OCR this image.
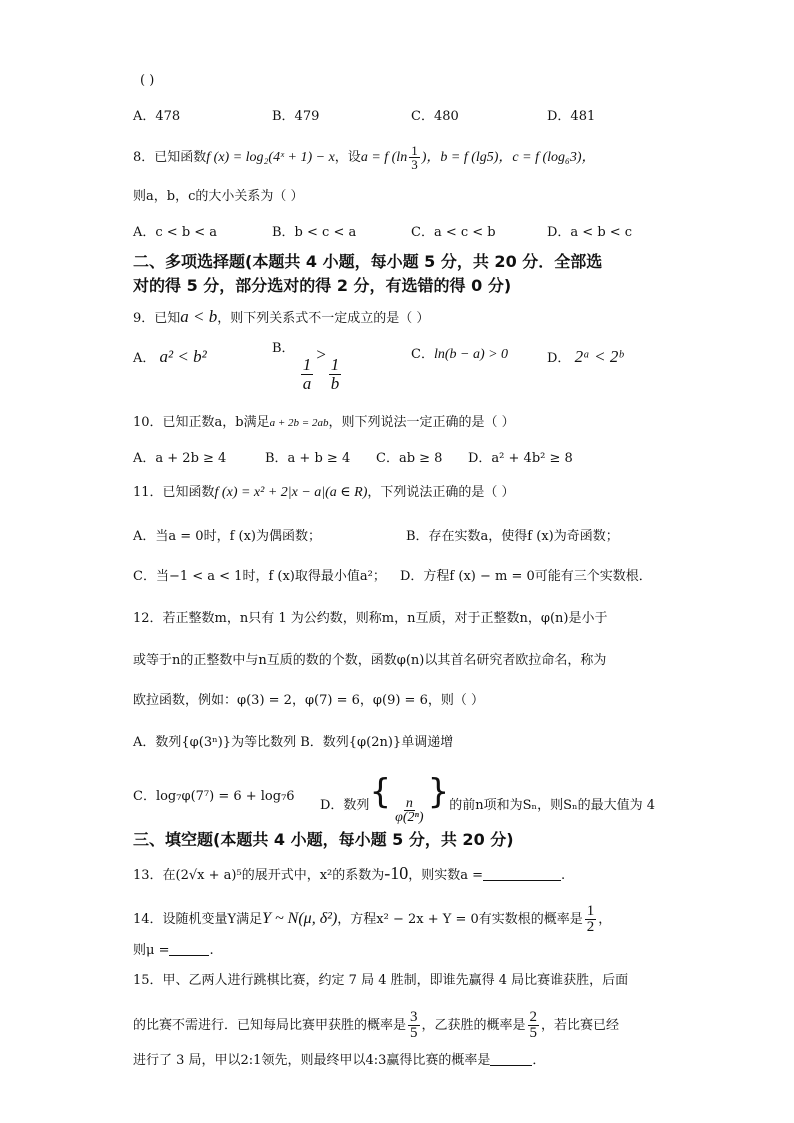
( )
A．478	B．479	C．480	D．481
8．已知函数f (x) = log₂(4ˣ + 1) − x，设a = f ($\ln \frac{1}{3}$ )，b = f (lg5)，c = f (log₆3)，
则a，b，c的大小关系为（ ）
A．c < b < a	B．b < c < a	C．a < c < b	D．a < b < c
二、多项选择题(本题共 4 小题，每小题 5 分，共 20 分．全部选
对的得 5 分，部分选对的得 2 分，有选错的得 0 分)
9．已知a < b，则下列关系式不一定成立的是（ ）
A． a² < b²	B．
$\frac{1}{a}$
>
$\frac{1}{b}$
C．ln(b − a) > 0	D． 2ᵃ < 2ᵇ
10．已知正数a，b满足a + 2b = 2ab，则下列说法一定正确的是（ ）
A．a + 2b ≥ 4	B．a + b ≥ 4 C．ab ≥ 8 D．a² + 4b² ≥ 8
11．已知函数f (x) = x² + 2|x − a|(a ∈ R)，下列说法正确的是（ ）
A．当a = 0时，f (x)为偶函数；	B．存在实数a，使得f (x)为奇函数；
C．当−1 < a < 1时，f (x)取得最小值a²； D．方程f (x) − m = 0可能有三个实数根．
12．若正整数m，n只有 1 为公约数，则称m，n互质，对于正整数n，φ(n)是小于
或等于n的正整数中与n互质的数的个数，函数φ(n)以其首名研究者欧拉命名，称为
欧拉函数，例如：φ(3) = 2，φ(7) = 6，φ(9) = 6，则（ ）
A．数列{φ(3ⁿ)}为等比数列 B．数列{φ(2n)}单调递增
C．log₇φ(7⁷) = 6 + log₇6
D．数列{ $\frac{n}{\text{φ(2ⁿ)}}$ }的前n项和为Sₙ，则Sₙ的最大值为 4
三、填空题(本题共 4 小题，每小题 5 分，共 20 分)
13．在(2√x + a)⁵的展开式中，x²的系数为-10，则实数a =	.
14．设随机变量Y满足Y ~ N(μ, δ²)，方程x² − 2x + Y = 0有实数根的概率是 $\frac{1}{2}$ ，
则μ =	.
15．甲、乙两人进行跳棋比赛，约定 7 局 4 胜制，即谁先赢得 4 局比赛谁获胜，后面
的比赛不需进行．已知每局比赛甲获胜的概率是 $\frac{3}{5}$ ，乙获胜的概率是 $\frac{2}{5}$ ，若比赛已经
进行了 3 局，甲以2:1领先，则最终甲以4:3赢得比赛的概率是	．
